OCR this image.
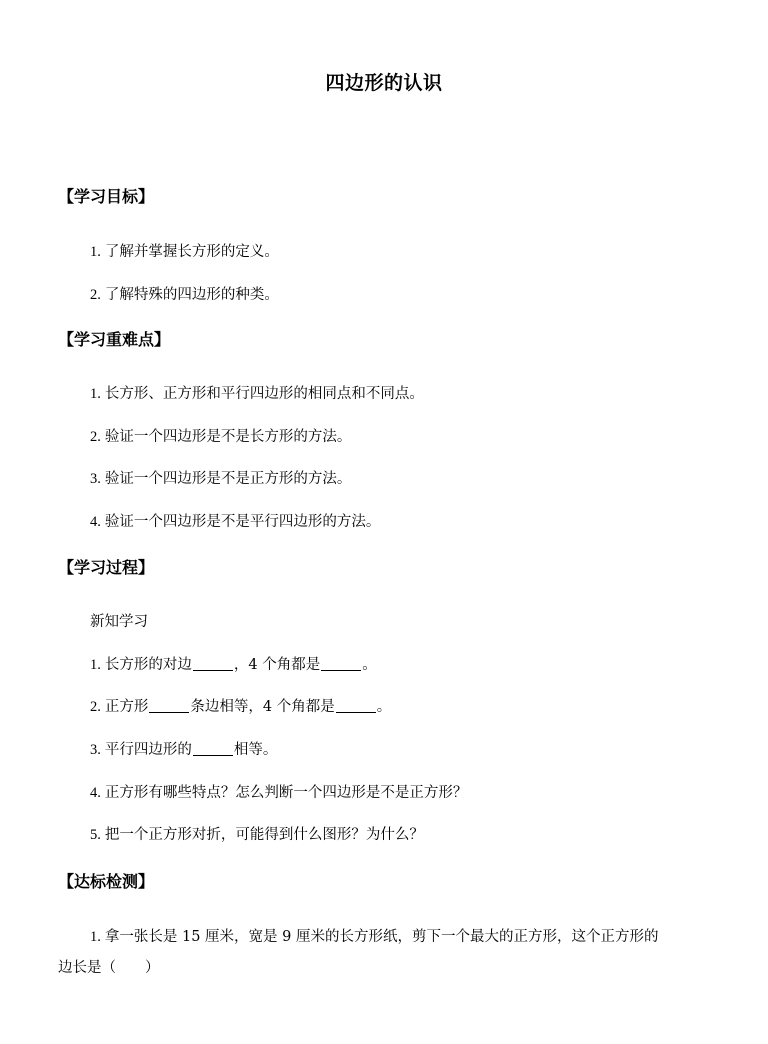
四边形的认识
【学习目标】
1. 了解并掌握长方形的定义。
2. 了解特殊的四边形的种类。
【学习重难点】
1. 长方形、正方形和平行四边形的相同点和不同点。
2. 验证一个四边形是不是长方形的方法。
3. 验证一个四边形是不是正方形的方法。
4. 验证一个四边形是不是平行四边形的方法。
【学习过程】
新知学习
1. 长方形的对边	，4 个角都是	。
2. 正方形	条边相等，4 个角都是	。
3. 平行四边形的	相等。
4. 正方形有哪些特点？怎么判断一个四边形是不是正方形？
5. 把一个正方形对折，可能得到什么图形？为什么？
【达标检测】
1. 拿一张长是 15 厘米，宽是 9 厘米的长方形纸，剪下一个最大的正方形，这个正方形的
边长是（　　）
